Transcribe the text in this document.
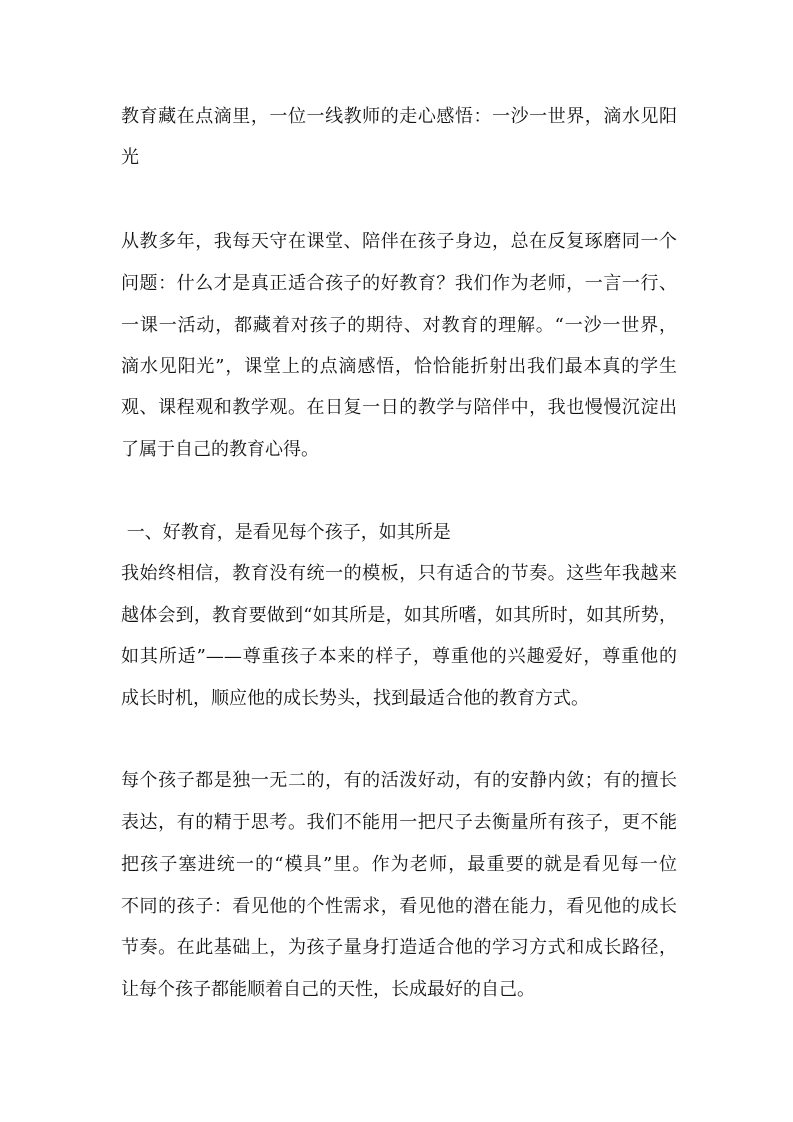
教育藏在点滴里，一位一线教师的走心感悟：一沙一世界，滴水见阳
光
从教多年，我每天守在课堂、陪伴在孩子身边，总在反复琢磨同一个
问题：什么才是真正适合孩子的好教育？我们作为老师，一言一行、
一课一活动，都藏着对孩子的期待、对教育的理解。“一沙一世界，
滴水见阳光”，课堂上的点滴感悟，恰恰能折射出我们最本真的学生
观、课程观和教学观。在日复一日的教学与陪伴中，我也慢慢沉淀出
了属于自己的教育心得。
一、好教育，是看见每个孩子，如其所是
我始终相信，教育没有统一的模板，只有适合的节奏。这些年我越来
越体会到，教育要做到“如其所是，如其所嗜，如其所时，如其所势，
如其所适”——尊重孩子本来的样子，尊重他的兴趣爱好，尊重他的
成长时机，顺应他的成长势头，找到最适合他的教育方式。
每个孩子都是独一无二的，有的活泼好动，有的安静内敛；有的擅长
表达，有的精于思考。我们不能用一把尺子去衡量所有孩子，更不能
把孩子塞进统一的“模具”里。作为老师，最重要的就是看见每一位
不同的孩子：看见他的个性需求，看见他的潜在能力，看见他的成长
节奏。在此基础上，为孩子量身打造适合他的学习方式和成长路径，
让每个孩子都能顺着自己的天性，长成最好的自己。
